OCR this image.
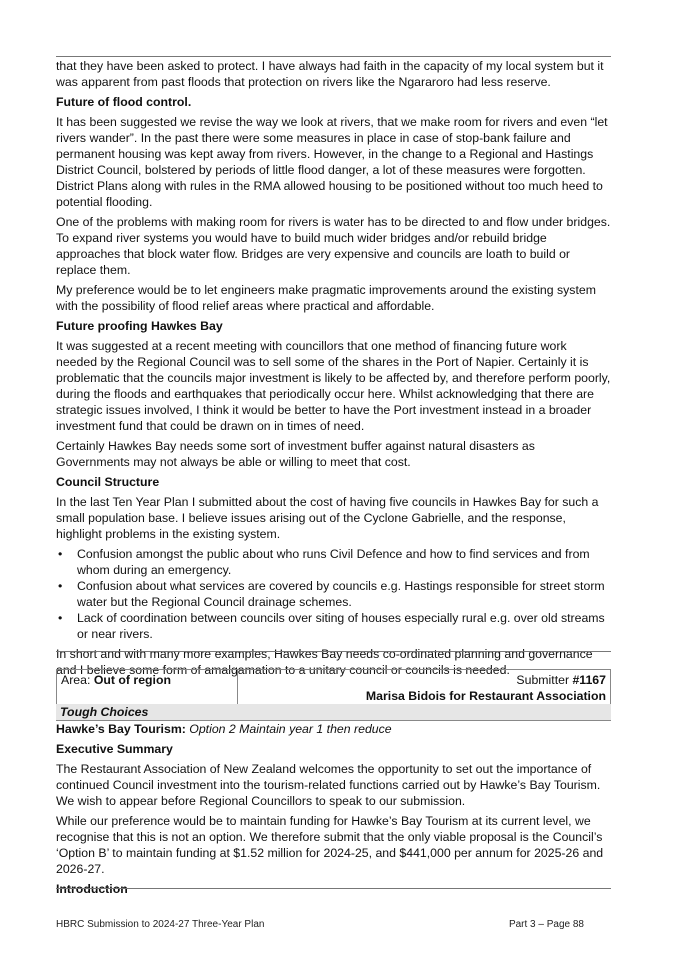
that they have been asked to protect. I have always had faith in the capacity of my local system but it was apparent from past floods that protection on rivers like the Ngararoro had less reserve.

Future of flood control.

It has been suggested we revise the way we look at rivers, that we make room for rivers and even “let rivers wander”. In the past there were some measures in place in case of stop-bank failure and permanent housing was kept away from rivers. However, in the change to a Regional and Hastings District Council, bolstered by periods of little flood danger, a lot of these measures were forgotten. District Plans along with rules in the RMA allowed housing to be positioned without too much heed to potential flooding.

One of the problems with making room for rivers is water has to be directed to and flow under bridges. To expand river systems you would have to build much wider bridges and/or rebuild bridge approaches that block water flow. Bridges are very expensive and councils are loath to build or replace them.

My preference would be to let engineers make pragmatic improvements around the existing system with the possibility of flood relief areas where practical and affordable.

Future proofing Hawkes Bay

It was suggested at a recent meeting with councillors that one method of financing future work needed by the Regional Council was to sell some of the shares in the Port of Napier. Certainly it is problematic that the councils major investment is likely to be affected by, and therefore perform poorly, during the floods and earthquakes that periodically occur here. Whilst acknowledging that there are strategic issues involved, I think it would be better to have the Port investment instead in a broader investment fund that could be drawn on in times of need.

Certainly Hawkes Bay needs some sort of investment buffer against natural disasters as Governments may not always be able or willing to meet that cost.

Council Structure

In the last Ten Year Plan I submitted about the cost of having five councils in Hawkes Bay for such a small population base. I believe issues arising out of the Cyclone Gabrielle, and the response, highlight problems in the existing system.

• Confusion amongst the public about who runs Civil Defence and how to find services and from whom during an emergency.
• Confusion about what services are covered by councils e.g. Hastings responsible for street storm water but the Regional Council drainage schemes.
• Lack of coordination between councils over siting of houses especially rural e.g. over old streams or near rivers.

In short and with many more examples, Hawkes Bay needs co-ordinated planning and governance and I believe some form of amalgamation to a unitary council or councils is needed.

Area: Out of region	Submitter #1167
Marisa Bidois for Restaurant Association
Tough Choices

Hawke’s Bay Tourism: Option 2 Maintain year 1 then reduce

Executive Summary

The Restaurant Association of New Zealand welcomes the opportunity to set out the importance of continued Council investment into the tourism-related functions carried out by Hawke’s Bay Tourism. We wish to appear before Regional Councillors to speak to our submission.

While our preference would be to maintain funding for Hawke’s Bay Tourism at its current level, we recognise that this is not an option. We therefore submit that the only viable proposal is the Council’s ‘Option B’ to maintain funding at $1.52 million for 2024-25, and $441,000 per annum for 2025-26 and 2026-27.

Introduction
HBRC Submission to 2024-27 Three-Year Plan	Part 3 – Page 88
